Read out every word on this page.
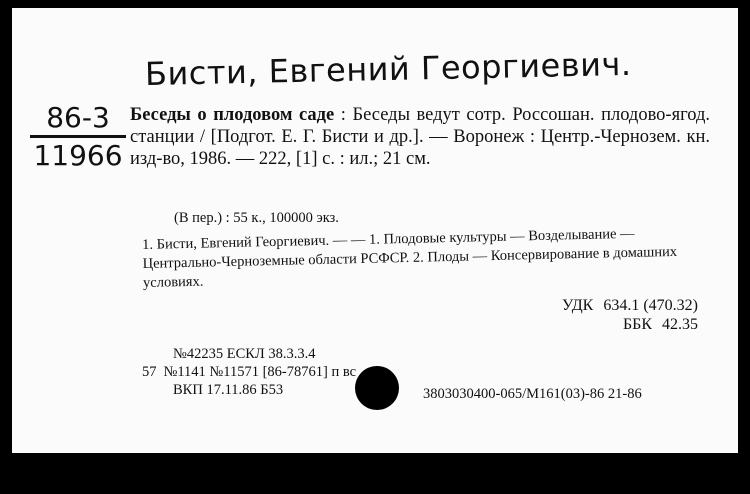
Бисти, Евгений Георгиевич.
86-3
11966
Беседы о плодовом саде : Беседы ведут сотр. Россошан. плодово-ягод. станции / [Подгот. Е. Г. Бисти и др.]. — Воронеж : Центр.-Чернозем. кн. изд-во, 1986. — 222, [1] с. : ил.; 21 см.
(В пер.) : 55 к., 100000 экз.
1. Бисти, Евгений Георгиевич. — — 1. Плодовые культуры — Возделывание — Центрально-Черноземные области РСФСР. 2. Плоды — Консервирование в домашних условиях.
УДК 634.1 (470.32)
ББК 42.35
№42235 ЕСКЛ 38.3.3.4
57 №1141 №11571 [86-78761] п вс
ВКП 17.11.86 Б53	3803030400-065/М161(03)-86 21-86
